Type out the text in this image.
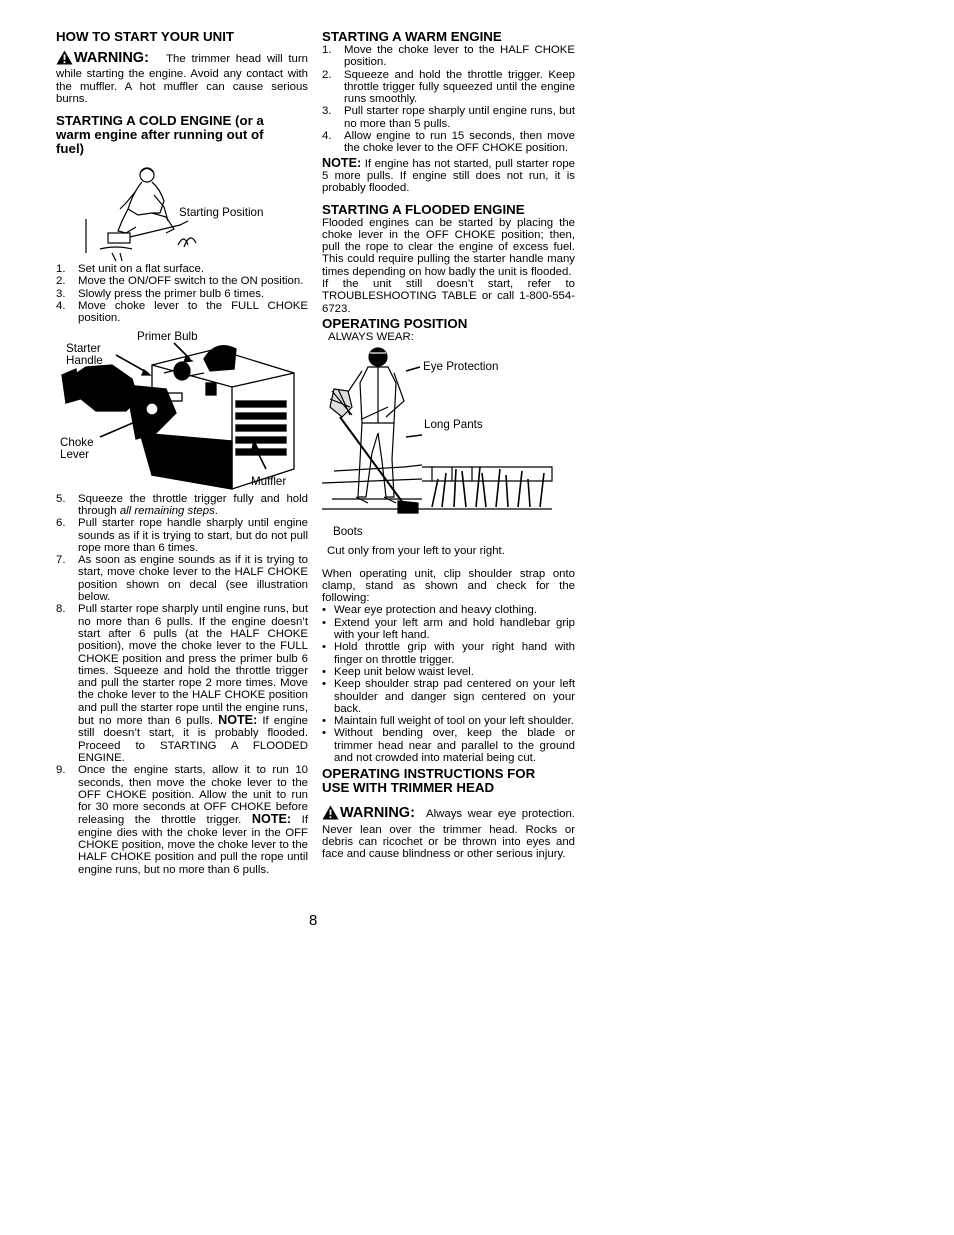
HOW TO START YOUR UNIT

WARNING: The trimmer head will turn while starting the engine. Avoid any contact with the muffler. A hot muffler can cause serious burns.

STARTING A COLD ENGINE (or a warm engine after running out of fuel)

Starting Position
1. Set unit on a flat surface.
2. Move the ON/OFF switch to the ON position.
3. Slowly press the primer bulb 6 times.
4. Move choke lever to the FULL CHOKE position.
Primer Bulb
Starter
Handle
Choke
Lever
Muffler
5. Squeeze the throttle trigger fully and hold through all remaining steps.
6. Pull starter rope handle sharply until engine sounds as if it is trying to start, but do not pull rope more than 6 times.
7. As soon as engine sounds as if it is trying to start, move choke lever to the HALF CHOKE position shown on decal (see illustration below.
8. Pull starter rope sharply until engine runs, but no more than 6 pulls. If the engine doesn’t start after 6 pulls (at the HALF CHOKE position), move the choke lever to the FULL CHOKE position and press the primer bulb 6 times. Squeeze and hold the throttle trigger and pull the starter rope 2 more times. Move the choke lever to the HALF CHOKE position and pull the starter rope until the engine runs, but no more than 6 pulls. NOTE: If engine still doesn’t start, it is probably flooded. Proceed to STARTING A FLOODED ENGINE.
9. Once the engine starts, allow it to run 10 seconds, then move the choke lever to the OFF CHOKE position. Allow the unit to run for 30 more seconds at OFF CHOKE before releasing the throttle trigger. NOTE: If engine dies with the choke lever in the OFF CHOKE position, move the choke lever to the HALF CHOKE position and pull the rope until engine runs, but no more than 6 pulls.

STARTING A WARM ENGINE

1. Move the choke lever to the HALF CHOKE position.
2. Squeeze and hold the throttle trigger. Keep throttle trigger fully squeezed until the engine runs smoothly.
3. Pull starter rope sharply until engine runs, but no more than 5 pulls.
4. Allow engine to run 15 seconds, then move the choke lever to the OFF CHOKE position.

NOTE: If engine has not started, pull starter rope 5 more pulls. If engine still does not run, it is probably flooded.

STARTING A FLOODED ENGINE

Flooded engines can be started by placing the choke lever in the OFF CHOKE position; then, pull the rope to clear the engine of excess fuel. This could require pulling the starter handle many times depending on how badly the unit is flooded.

If the unit still doesn’t start, refer to TROUBLESHOOTING TABLE or call 1-800-554-6723.

OPERATING POSITION

ALWAYS WEAR:

Eye Protection
Long Pants
Boots

Cut only from your left to your right.

When operating unit, clip shoulder strap onto clamp, stand as shown and check for the following:

• Wear eye protection and heavy clothing.
• Extend your left arm and hold handlebar grip with your left hand.
• Hold throttle grip with your right hand with finger on throttle trigger.
• Keep unit below waist level.
• Keep shoulder strap pad centered on your left shoulder and danger sign centered on your back.
• Maintain full weight of tool on your left shoulder.
• Without bending over, keep the blade or trimmer head near and parallel to the ground and not crowded into material being cut.

OPERATING INSTRUCTIONS FOR USE WITH TRIMMER HEAD

WARNING: Always wear eye protection. Never lean over the trimmer head. Rocks or debris can ricochet or be thrown into eyes and face and cause blindness or other serious injury.

8
